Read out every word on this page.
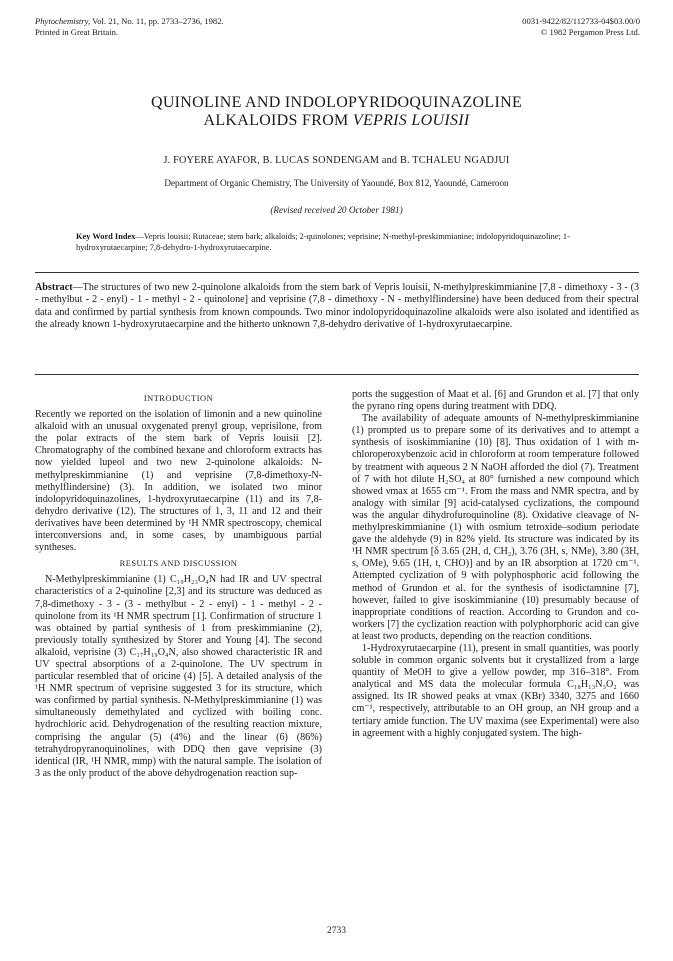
Phytochemistry, Vol. 21, No. 11, pp. 2733–2736, 1982.
Printed in Great Britain.
0031-9422/82/112733-04$03.00/0
© 1982 Pergamon Press Ltd.
QUINOLINE AND INDOLOPYRIDOQUINAZOLINE
ALKALOIDS FROM VEPRIS LOUISII
J. FOYERE AYAFOR, B. LUCAS SONDENGAM and B. TCHALEU NGADJUI
Department of Organic Chemistry, The University of Yaoundé, Box 812, Yaoundé, Cameroon
(Revised received 20 October 1981)
Key Word Index—Vepris louisii; Rutaceae; stem bark; alkaloids; 2-quinolones; veprisine; N-methyl-preskimmianine; indolopyridoquinazoline; 1-hydroxyrutaecarpine; 7,8-dehydro-1-hydroxyrutaecarpine.
Abstract—The structures of two new 2-quinolone alkaloids from the stem bark of Vepris louisii, N-methylpreskimmianine [7,8 - dimethoxy - 3 - (3 - methylbut - 2 - enyl) - 1 - methyl - 2 - quinolone] and veprisine (7,8 - dimethoxy - N - methylflindersine) have been deduced from their spectral data and confirmed by partial synthesis from known compounds. Two minor indolopyridoquinazoline alkaloids were also isolated and identified as the already known 1-hydroxyrutaecarpine and the hitherto unknown 7,8-dehydro derivative of 1-hydroxyrutaecarpine.
INTRODUCTION

Recently we reported on the isolation of limonin and a new quinoline alkaloid with an unusual oxygenated prenyl group, veprisilone, from the polar extracts of the stem bark of Vepris louisii [2]. Chromatography of the combined hexane and chloroform extracts has now yielded lupeol and two new 2-quinolone alkaloids: N-methylpreskimmianine (1) and veprisine (7,8-dimethoxy-N-methylflindersine) (3). In addition, we isolated two minor indolopyridoquinazolines, 1-hydroxyrutaecarpine (11) and its 7,8-dehydro derivative (12). The structures of 1, 3, 11 and 12 and their derivatives have been determined by ¹H NMR spectroscopy, chemical interconversions and, in some cases, by unambiguous partial syntheses.

RESULTS AND DISCUSSION

N-Methylpreskimmianine (1) C₁₉H₂₃O₄N had IR and UV spectral characteristics of a 2-quinoline [2,3] and its structure was deduced as 7,8-dimethoxy - 3 - (3 - methylbut - 2 - enyl) - 1 - methyl - 2 - quinolone from its ¹H NMR spectrum [1]. Confirmation of structure 1 was obtained by partial synthesis of 1 from preskimmianine (2), previously totally synthesized by Storer and Young [4]. The second alkaloid, veprisine (3) C₁₇H₁₉O₄N, also showed characteristic IR and UV spectral absorptions of a 2-quinolone. The UV spectrum in particular resembled that of oricine (4) [5]. A detailed analysis of the ¹H NMR spectrum of veprisine suggested 3 for its structure, which was confirmed by partial synthesis. N-Methylpreskimmianine (1) was simultaneously demethylated and cyclized with boiling conc. hydrochloric acid. Dehydrogenation of the resulting reaction mixture, comprising the angular (5) (4%) and the linear (6) (86%) tetrahydropyranoquinolines, with DDQ then gave veprisine (3) identical (IR, ¹H NMR, mmp) with the natural sample. The isolation of 3 as the only product of the above dehydrogenation reaction sup-

ports the suggestion of Maat et al. [6] and Grundon et al. [7] that only the pyrano ring opens during treatment with DDQ.

The availability of adequate amounts of N-methylpreskimmianine (1) prompted us to prepare some of its derivatives and to attempt a synthesis of isoskimmianine (10) [8]. Thus oxidation of 1 with m-chloroperoxybenzoic acid in chloroform at room temperature followed by treatment with aqueous 2 N NaOH afforded the diol (7). Treatment of 7 with hot dilute H₂SO₄ at 80° furnished a new compound which showed νmax at 1655 cm⁻¹. From the mass and NMR spectra, and by analogy with similar [9] acid-catalysed cyclizations, the compound was the angular dihydrofuroquinoline (8). Oxidative cleavage of N-methylpreskimmianine (1) with osmium tetroxide–sodium periodate gave the aldehyde (9) in 82% yield. Its structure was indicated by its ¹H NMR spectrum [δ 3.65 (2H, d, CH₂), 3.76 (3H, s, NMe), 3.80 (3H, s, OMe), 9.65 (1H, t, CHO)] and by an IR absorption at 1720 cm⁻¹. Attempted cyclization of 9 with polyphosphoric acid following the method of Grundon et al. for the synthesis of isodictamnine [7], however, failed to give isoskimmianine (10) presumably because of inappropriate conditions of reaction. According to Grundon and co-workers [7] the cyclization reaction with polyphorphoric acid can give at least two products, depending on the reaction conditions.

1-Hydroxyrutaecarpine (11), present in small quantities, was poorly soluble in common organic solvents but it crystallized from a large quantity of MeOH to give a yellow powder, mp 316–318°. From analytical and MS data the molecular formula C₁₈H₁₃N₃O₂ was assigned. Its IR showed peaks at νmax (KBr) 3340, 3275 and 1660 cm⁻¹, respectively, attributable to an OH group, an NH group and a tertiary amide function. The UV maxima (see Experimental) were also in agreement with a highly conjugated system. The high-

2733
